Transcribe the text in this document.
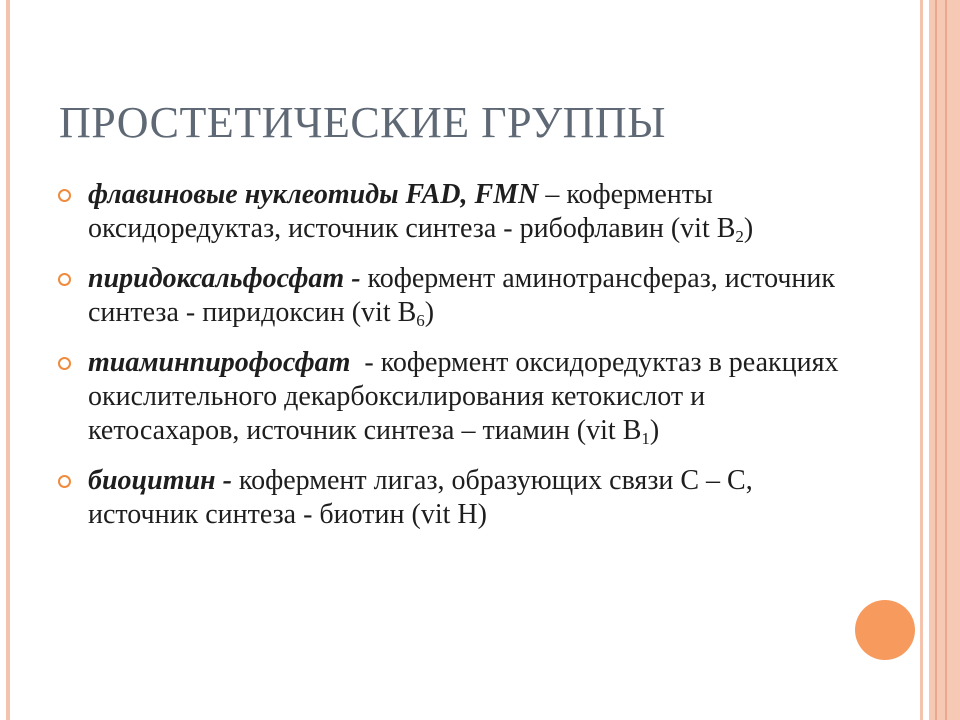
ПРОСТЕТИЧЕСКИЕ ГРУППЫ
флавиновые нуклеотиды FAD, FMN – коферменты оксидоредуктаз, источник синтеза - рибофлавин (vit $B_2$)
пиридоксальфосфат - кофермент аминотрансфераз, источник синтеза - пиридоксин (vit $B_6$)
тиаминпирофосфат  - кофермент оксидоредуктаз в реакциях окислительного декарбоксилирования кетокислот и кетосахаров, источник синтеза – тиамин (vit $B_1$)
биоцитин - кофермент лигаз, образующих связи С – С, источник синтеза - биотин (vit H)
